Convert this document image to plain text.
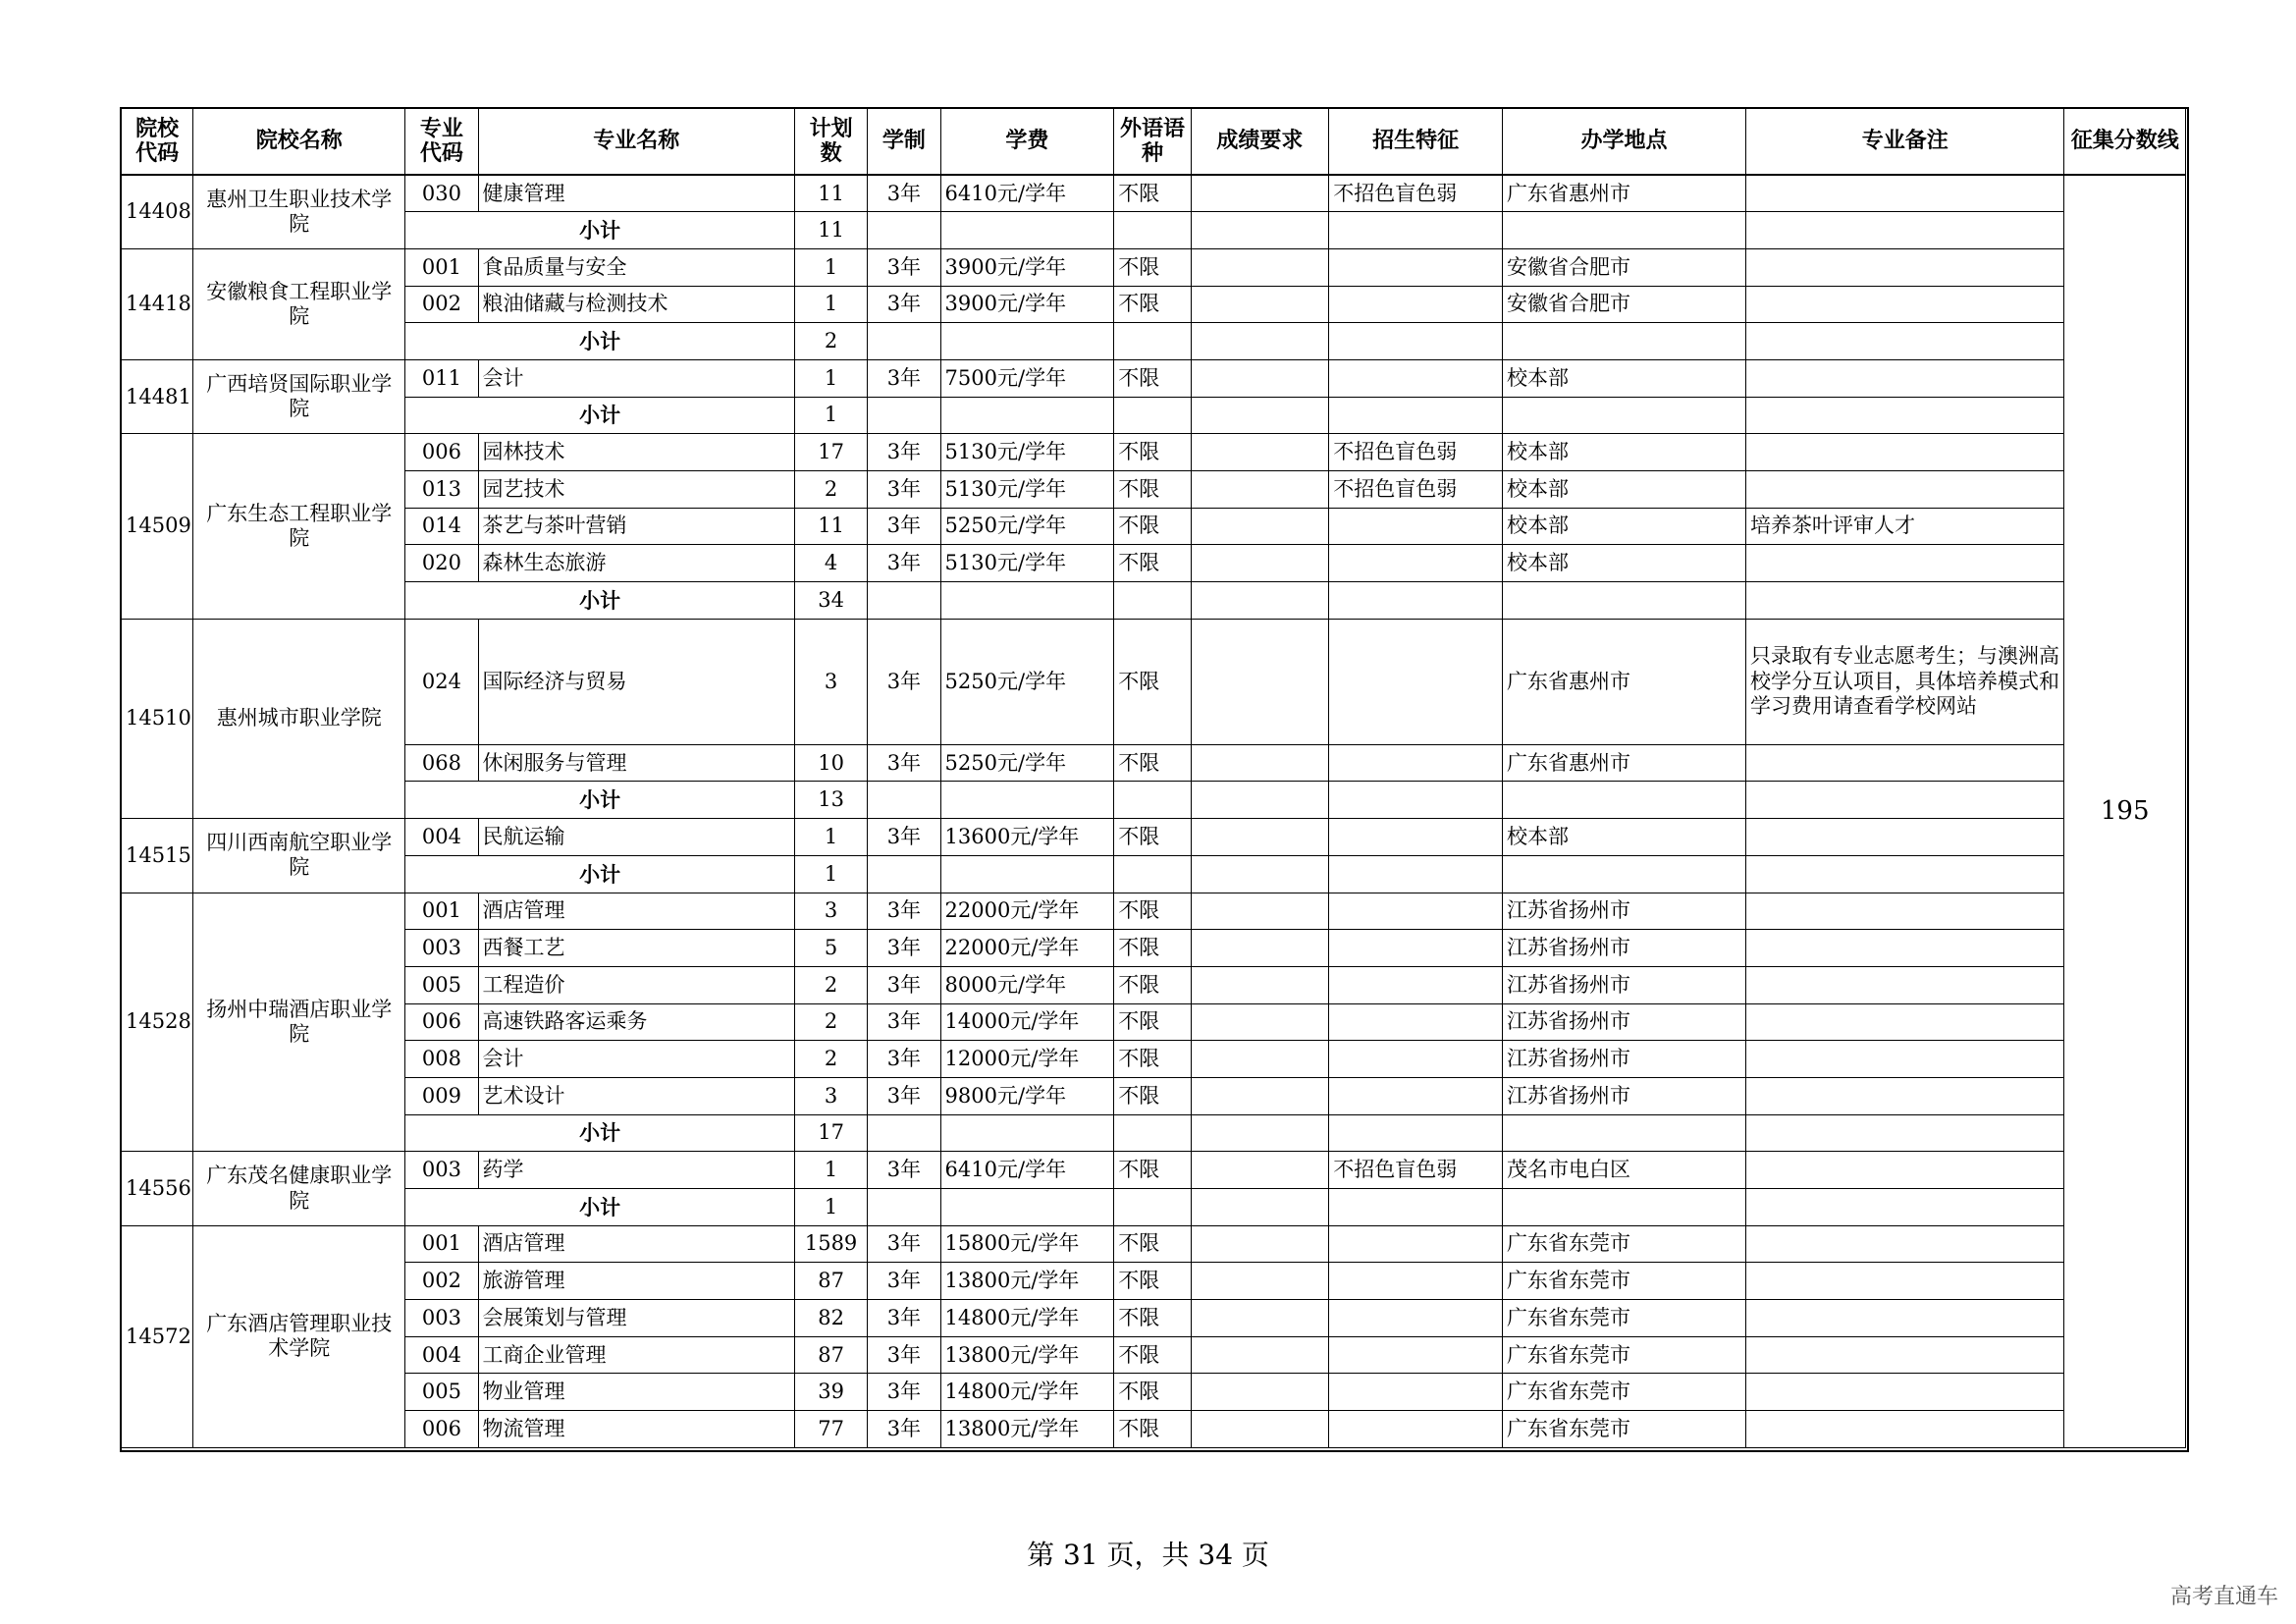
院校代码	院校名称	专业代码	专业名称	计划数	学制	学费	外语语种	成绩要求	招生特征	办学地点	专业备注	征集分数线
14408	惠州卫生职业技术学院	030	健康管理	11	3年	6410元/学年	不限		不招色盲色弱	广东省惠州市		195
		小计		11								
14418	安徽粮食工程职业学院	001	食品质量与安全	1	3年	3900元/学年	不限			安徽省合肥市		
		002	粮油储藏与检测技术	1	3年	3900元/学年	不限			安徽省合肥市		
		小计		2								
14481	广西培贤国际职业学院	011	会计	1	3年	7500元/学年	不限			校本部		
		小计		1								
14509	广东生态工程职业学院	006	园林技术	17	3年	5130元/学年	不限		不招色盲色弱	校本部		
		013	园艺技术	2	3年	5130元/学年	不限		不招色盲色弱	校本部		
		014	茶艺与茶叶营销	11	3年	5250元/学年	不限			校本部	培养茶叶评审人才	
		020	森林生态旅游	4	3年	5130元/学年	不限			校本部		
		小计		34								
14510	惠州城市职业学院	024	国际经济与贸易	3	3年	5250元/学年	不限			广东省惠州市	只录取有专业志愿考生；与澳洲高校学分互认项目，具体培养模式和学习费用请查看学校网站	
		068	休闲服务与管理	10	3年	5250元/学年	不限			广东省惠州市		
		小计		13								
14515	四川西南航空职业学院	004	民航运输	1	3年	13600元/学年	不限			校本部		
		小计		1								
14528	扬州中瑞酒店职业学院	001	酒店管理	3	3年	22000元/学年	不限			江苏省扬州市		
		003	西餐工艺	5	3年	22000元/学年	不限			江苏省扬州市		
		005	工程造价	2	3年	8000元/学年	不限			江苏省扬州市		
		006	高速铁路客运乘务	2	3年	14000元/学年	不限			江苏省扬州市		
		008	会计	2	3年	12000元/学年	不限			江苏省扬州市		
		009	艺术设计	3	3年	9800元/学年	不限			江苏省扬州市		
		小计		17								
14556	广东茂名健康职业学院	003	药学	1	3年	6410元/学年	不限		不招色盲色弱	茂名市电白区		
		小计		1								
14572	广东酒店管理职业技术学院	001	酒店管理	1589	3年	15800元/学年	不限			广东省东莞市		
		002	旅游管理	87	3年	13800元/学年	不限			广东省东莞市		
		003	会展策划与管理	82	3年	14800元/学年	不限			广东省东莞市		
		004	工商企业管理	87	3年	13800元/学年	不限			广东省东莞市		
		005	物业管理	39	3年	14800元/学年	不限			广东省东莞市		
		006	物流管理	77	3年	13800元/学年	不限			广东省东莞市		
第 31 页，共 34 页
高考直通车
